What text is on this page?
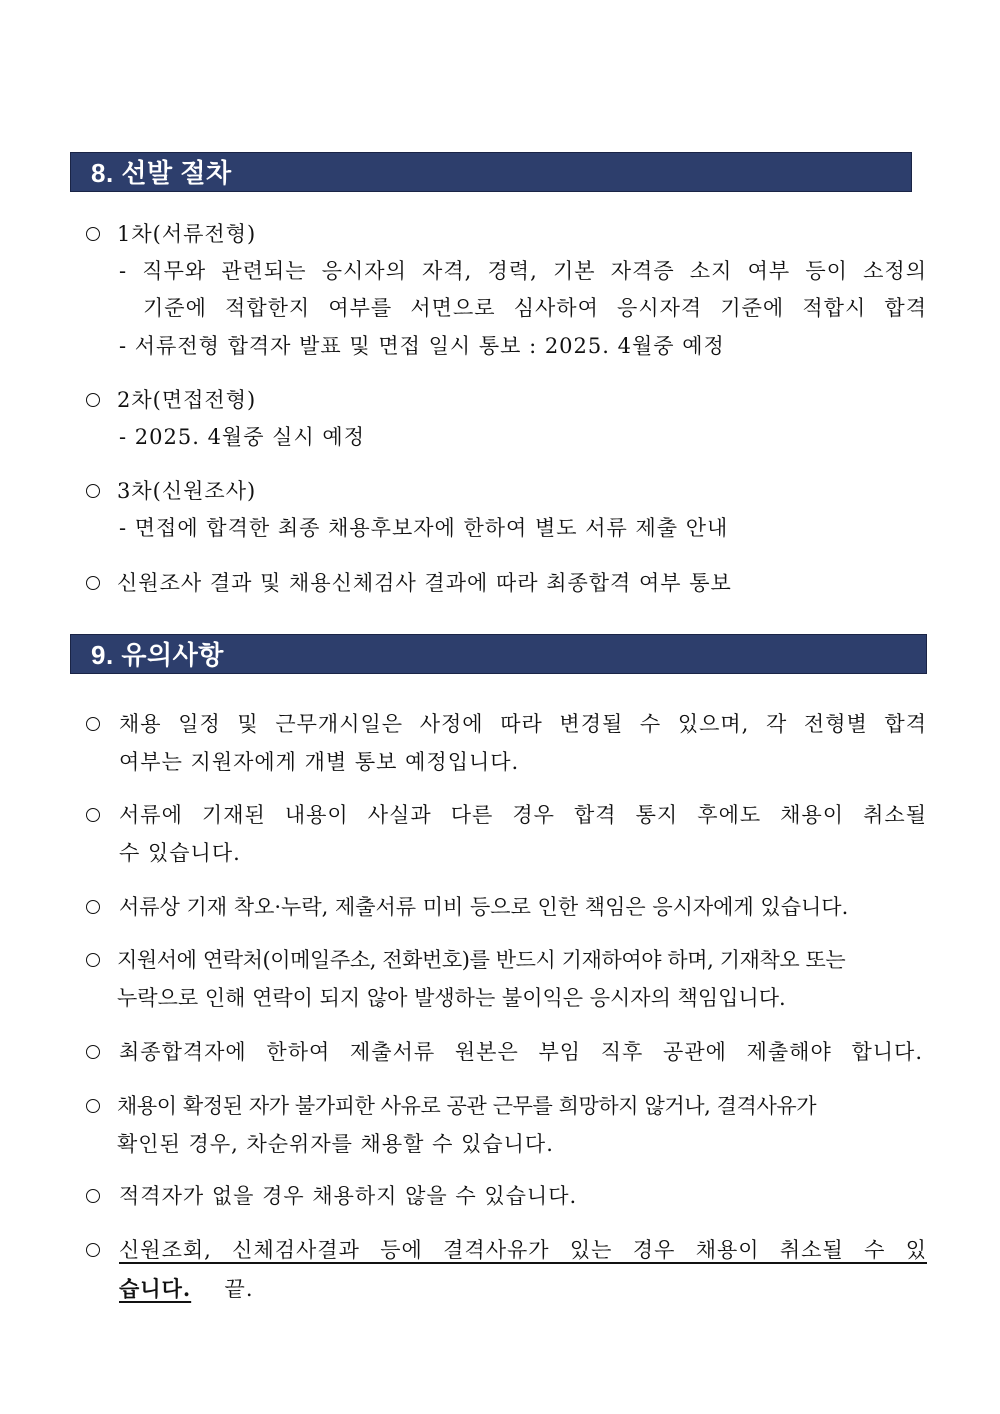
8. 선발 절차
1차(서류전형)
- 직무와 관련되는 응시자의 자격, 경력, 기본 자격증 소지 여부 등이 소정의
기준에 적합한지 여부를 서면으로 심사하여 응시자격 기준에 적합시 합격
- 서류전형 합격자 발표 및 면접 일시 통보 : 2025. 4월중 예정
2차(면접전형)
- 2025. 4월중 실시 예정
3차(신원조사)
- 면접에 합격한 최종 채용후보자에 한하여 별도 서류 제출 안내
신원조사 결과 및 채용신체검사 결과에 따라 최종합격 여부 통보
9. 유의사항
채용 일정 및 근무개시일은 사정에 따라 변경될 수 있으며, 각 전형별 합격
여부는 지원자에게 개별 통보 예정입니다.
서류에 기재된 내용이 사실과 다른 경우 합격 통지 후에도 채용이 취소될
수 있습니다.
서류상 기재 착오·누락, 제출서류 미비 등으로 인한 책임은 응시자에게 있습니다.
지원서에 연락처(이메일주소, 전화번호)를 반드시 기재하여야 하며, 기재착오 또는
누락으로 인해 연락이 되지 않아 발생하는 불이익은 응시자의 책임입니다.
최종합격자에 한하여 제출서류 원본은 부임 직후 공관에 제출해야 합니다.
채용이 확정된 자가 불가피한 사유로 공관 근무를 희망하지 않거나, 결격사유가
확인된 경우, 차순위자를 채용할 수 있습니다.
적격자가 없을 경우 채용하지 않을 수 있습니다.
신원조회, 신체검사결과 등에 결격사유가 있는 경우 채용이 취소될 수 있
습니다. 끝.
